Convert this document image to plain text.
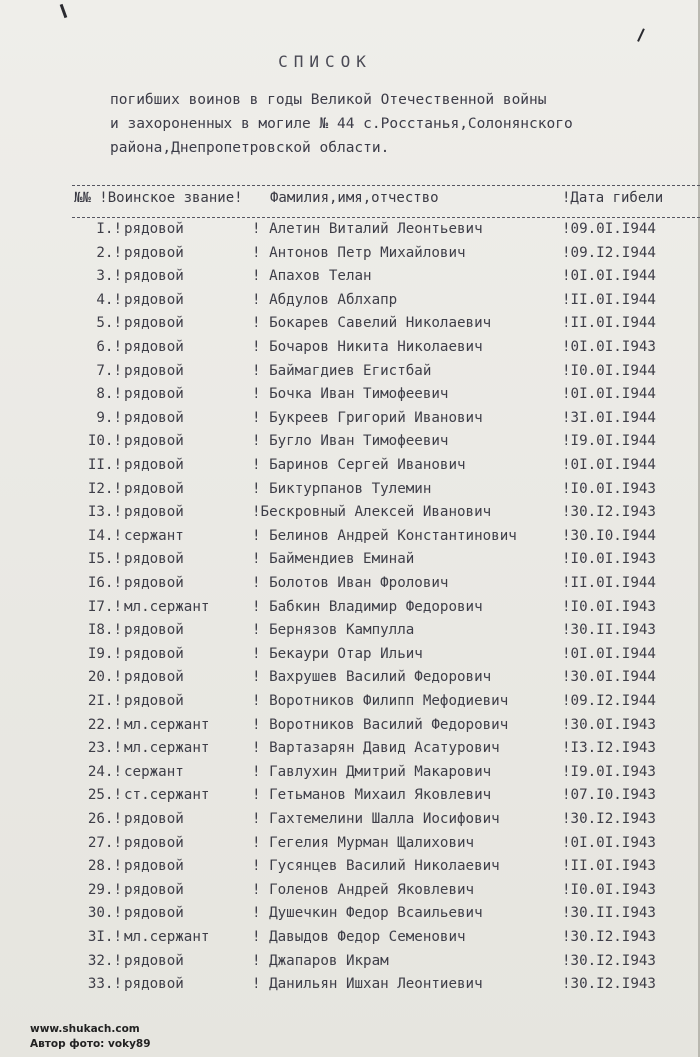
СПИСОК
погибших воинов в годы Великой Отечественной войны
и захороненных в могиле № 44 с.Росстанья,Солонянского
района,Днепропетровской области.
№№ !Воинское звание! Фамилия,имя,отчество	!Дата гибели
I.! рядовой	! Алетин Виталий Леонтьевич	!09.0I.I944
2.! рядовой	! Антонов Петр Михайлович	!09.I2.I944
3.! рядовой	! Апахов Телан	!0I.0I.I944
4.! рядовой	! Абдулов Аблхапр	!II.0I.I944
5.! рядовой	! Бокарев Савелий Николаевич	!II.0I.I944
6.! рядовой	! Бочаров Никита Николаевич	!0I.0I.I943
7.! рядовой	! Баймагдиев Егистбай	!I0.0I.I944
8.! рядовой	! Бочка Иван Тимофеевич	!0I.0I.I944
9.! рядовой	! Букреев Григорий Иванович	!3I.0I.I944
I0.! рядовой	! Бугло Иван Тимофеевич	!I9.0I.I944
II.! рядовой	! Баринов Сергей Иванович	!0I.0I.I944
I2.! рядовой	! Биктурпанов Тулемин	!I0.0I.I943
I3.! рядовой	!Бескровный Алексей Иванович	!30.I2.I943
I4.! сержант	! Белинов Андрей Константинович	!30.I0.I944
I5.! рядовой	! Баймендиев Еминай	!I0.0I.I943
I6.! рядовой	! Болотов Иван Фролович	!II.0I.I944
I7.! мл.сержант	! Бабкин Владимир Федорович	!I0.0I.I943
I8.! рядовой	! Бернязов Кампулла	!30.II.I943
I9.! рядовой	! Бекаури Отар Ильич	!0I.0I.I944
20.! рядовой	! Вахрушев Василий Федорович	!30.0I.I944
2I.! рядовой	! Воротников Филипп Мефодиевич	!09.I2.I944
22.! мл.сержант	! Воротников Василий Федорович	!30.0I.I943
23.! мл.сержант	! Вартазарян Давид Асатурович	!I3.I2.I943
24.! сержант	! Гавлухин Дмитрий Макарович	!I9.0I.I943
25.! ст.сержант	! Гетьманов Михаил Яковлевич	!07.I0.I943
26.! рядовой	! Гахтемелини Шалла Иосифович	!30.I2.I943
27.! рядовой	! Гегелия Мурман Щалихович	!0I.0I.I943
28.! рядовой	! Гусянцев Василий Николаевич	!II.0I.I943
29.! рядовой	! Голенов Андрей Яковлевич	!I0.0I.I943
30.! рядовой	! Душечкин Федор Всаильевич	!30.II.I943
3I.! мл.сержант	! Давыдов Федор Семенович	!30.I2.I943
32.! рядовой	! Джапаров Икрам	!30.I2.I943
33.! рядовой	! Данильян Ишхан Леонтиевич	!30.I2.I943
www.shukach.com
Автор фото: voky89
